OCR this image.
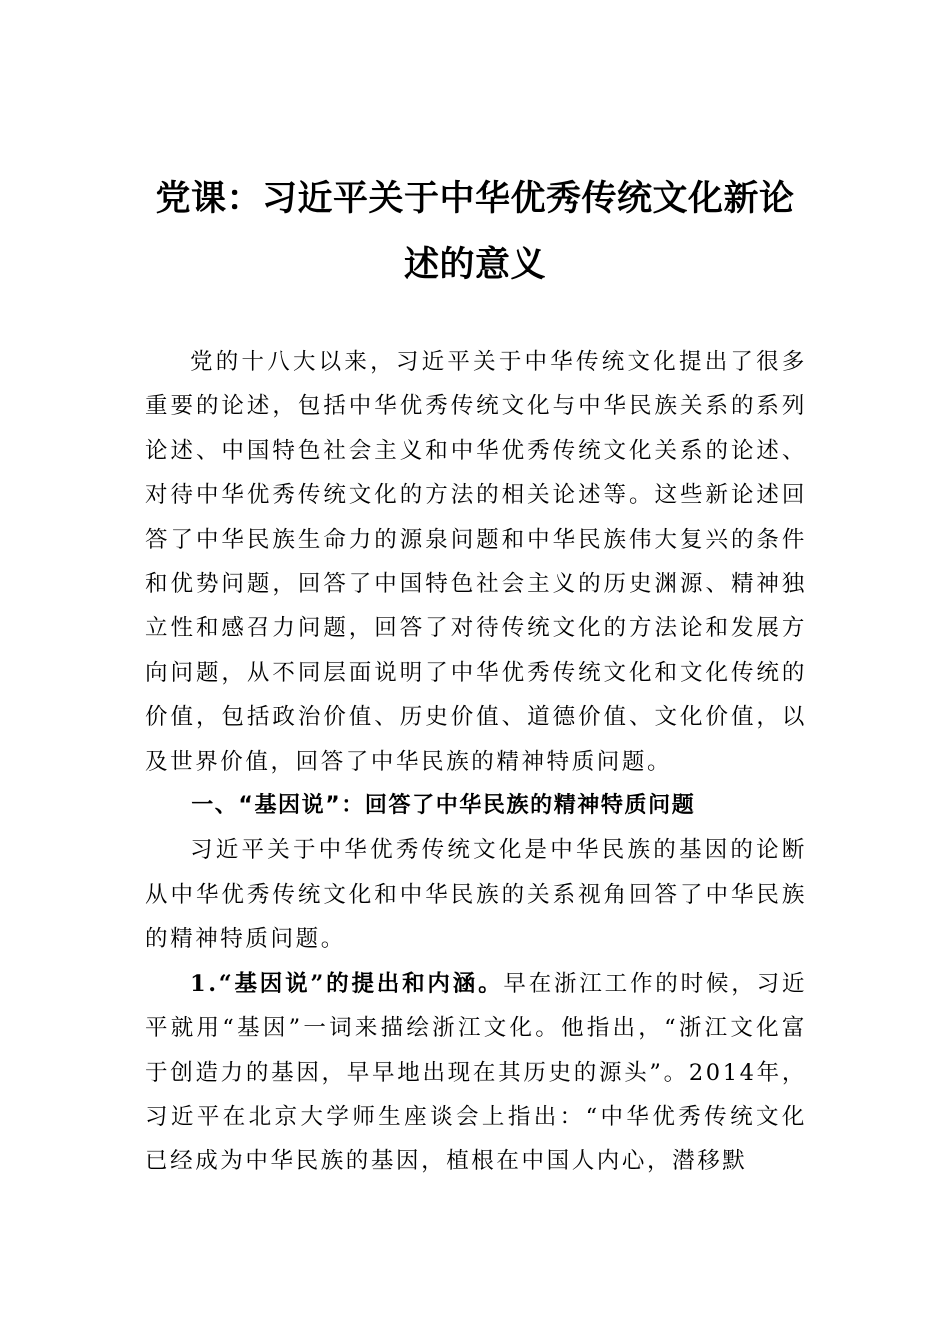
党课：习近平关于中华优秀传统文化新论
述的意义

党的十八大以来，习近平关于中华传统文化提出了很多重要的论述，包括中华优秀传统文化与中华民族关系的系列论述、中国特色社会主义和中华优秀传统文化关系的论述、对待中华优秀传统文化的方法的相关论述等。这些新论述回答了中华民族生命力的源泉问题和中华民族伟大复兴的条件和优势问题，回答了中国特色社会主义的历史渊源、精神独立性和感召力问题，回答了对待传统文化的方法论和发展方向问题，从不同层面说明了中华优秀传统文化和文化传统的价值，包括政治价值、历史价值、道德价值、文化价值，以及世界价值，回答了中华民族的精神特质问题。

一、“基因说”：回答了中华民族的精神特质问题

习近平关于中华优秀传统文化是中华民族的基因的论断从中华优秀传统文化和中华民族的关系视角回答了中华民族的精神特质问题。

1.“基因说”的提出和内涵。早在浙江工作的时候，习近平就用“基因”一词来描绘浙江文化。他指出，“浙江文化富于创造力的基因，早早地出现在其历史的源头”。2014年，习近平在北京大学师生座谈会上指出：“中华优秀传统文化已经成为中华民族的基因，植根在中国人内心，潜移默
